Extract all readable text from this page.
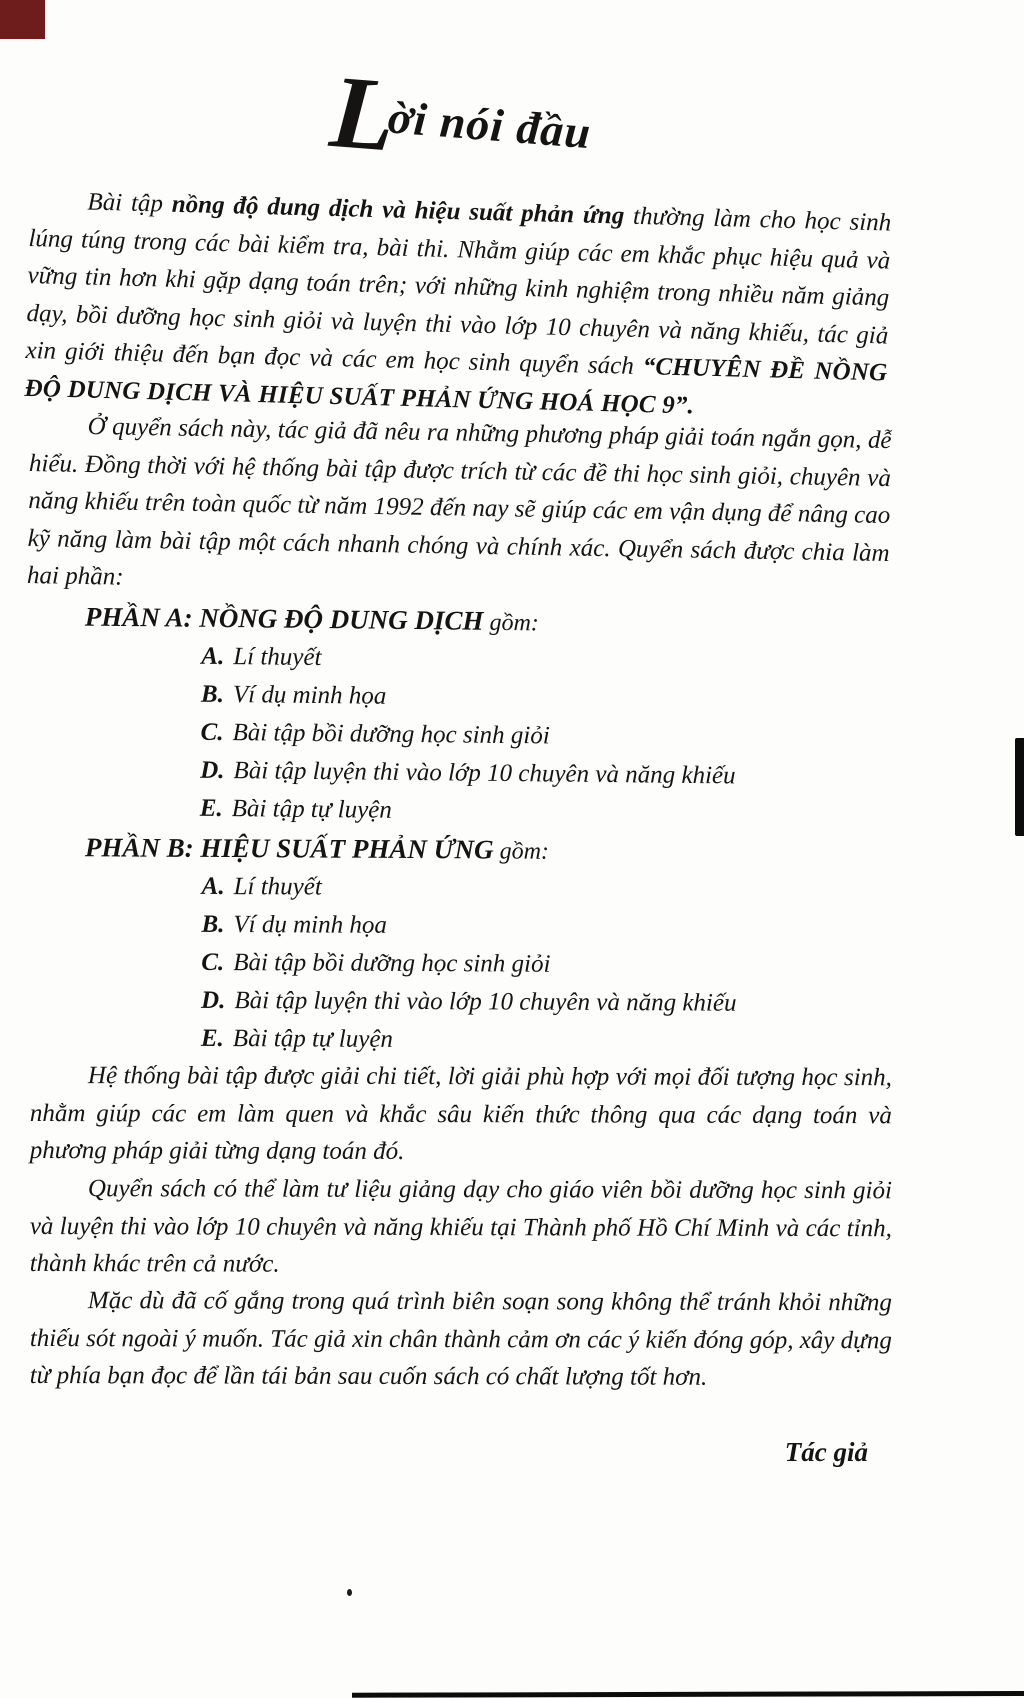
Lời nói đầu

Bài tập nồng độ dung dịch và hiệu suất phản ứng thường làm cho học sinh lúng túng trong các bài kiểm tra, bài thi. Nhằm giúp các em khắc phục hiệu quả và vững tin hơn khi gặp dạng toán trên; với những kinh nghiệm trong nhiều năm giảng dạy, bồi dưỡng học sinh giỏi và luyện thi vào lớp 10 chuyên và năng khiếu, tác giả xin giới thiệu đến bạn đọc và các em học sinh quyển sách “CHUYÊN ĐỀ NỒNG ĐỘ DUNG DỊCH VÀ HIỆU SUẤT PHẢN ỨNG HOÁ HỌC 9”.

Ở quyển sách này, tác giả đã nêu ra những phương pháp giải toán ngắn gọn, dễ hiểu. Đồng thời với hệ thống bài tập được trích từ các đề thi học sinh giỏi, chuyên và năng khiếu trên toàn quốc từ năm 1992 đến nay sẽ giúp các em vận dụng để nâng cao kỹ năng làm bài tập một cách nhanh chóng và chính xác. Quyển sách được chia làm hai phần:

PHẦN A: NỒNG ĐỘ DUNG DỊCH gồm:
A. Lí thuyết
B. Ví dụ minh họa
C. Bài tập bồi dưỡng học sinh giỏi
D. Bài tập luyện thi vào lớp 10 chuyên và năng khiếu
E. Bài tập tự luyện
PHẦN B: HIỆU SUẤT PHẢN ỨNG gồm:
A. Lí thuyết
B. Ví dụ minh họa
C. Bài tập bồi dưỡng học sinh giỏi
D. Bài tập luyện thi vào lớp 10 chuyên và năng khiếu
E. Bài tập tự luyện

Hệ thống bài tập được giải chi tiết, lời giải phù hợp với mọi đối tượng học sinh, nhằm giúp các em làm quen và khắc sâu kiến thức thông qua các dạng toán và phương pháp giải từng dạng toán đó.

Quyển sách có thể làm tư liệu giảng dạy cho giáo viên bồi dưỡng học sinh giỏi và luyện thi vào lớp 10 chuyên và năng khiếu tại Thành phố Hồ Chí Minh và các tỉnh, thành khác trên cả nước.

Mặc dù đã cố gắng trong quá trình biên soạn song không thể tránh khỏi những thiếu sót ngoài ý muốn. Tác giả xin chân thành cảm ơn các ý kiến đóng góp, xây dựng từ phía bạn đọc để lần tái bản sau cuốn sách có chất lượng tốt hơn.

Tác giả
